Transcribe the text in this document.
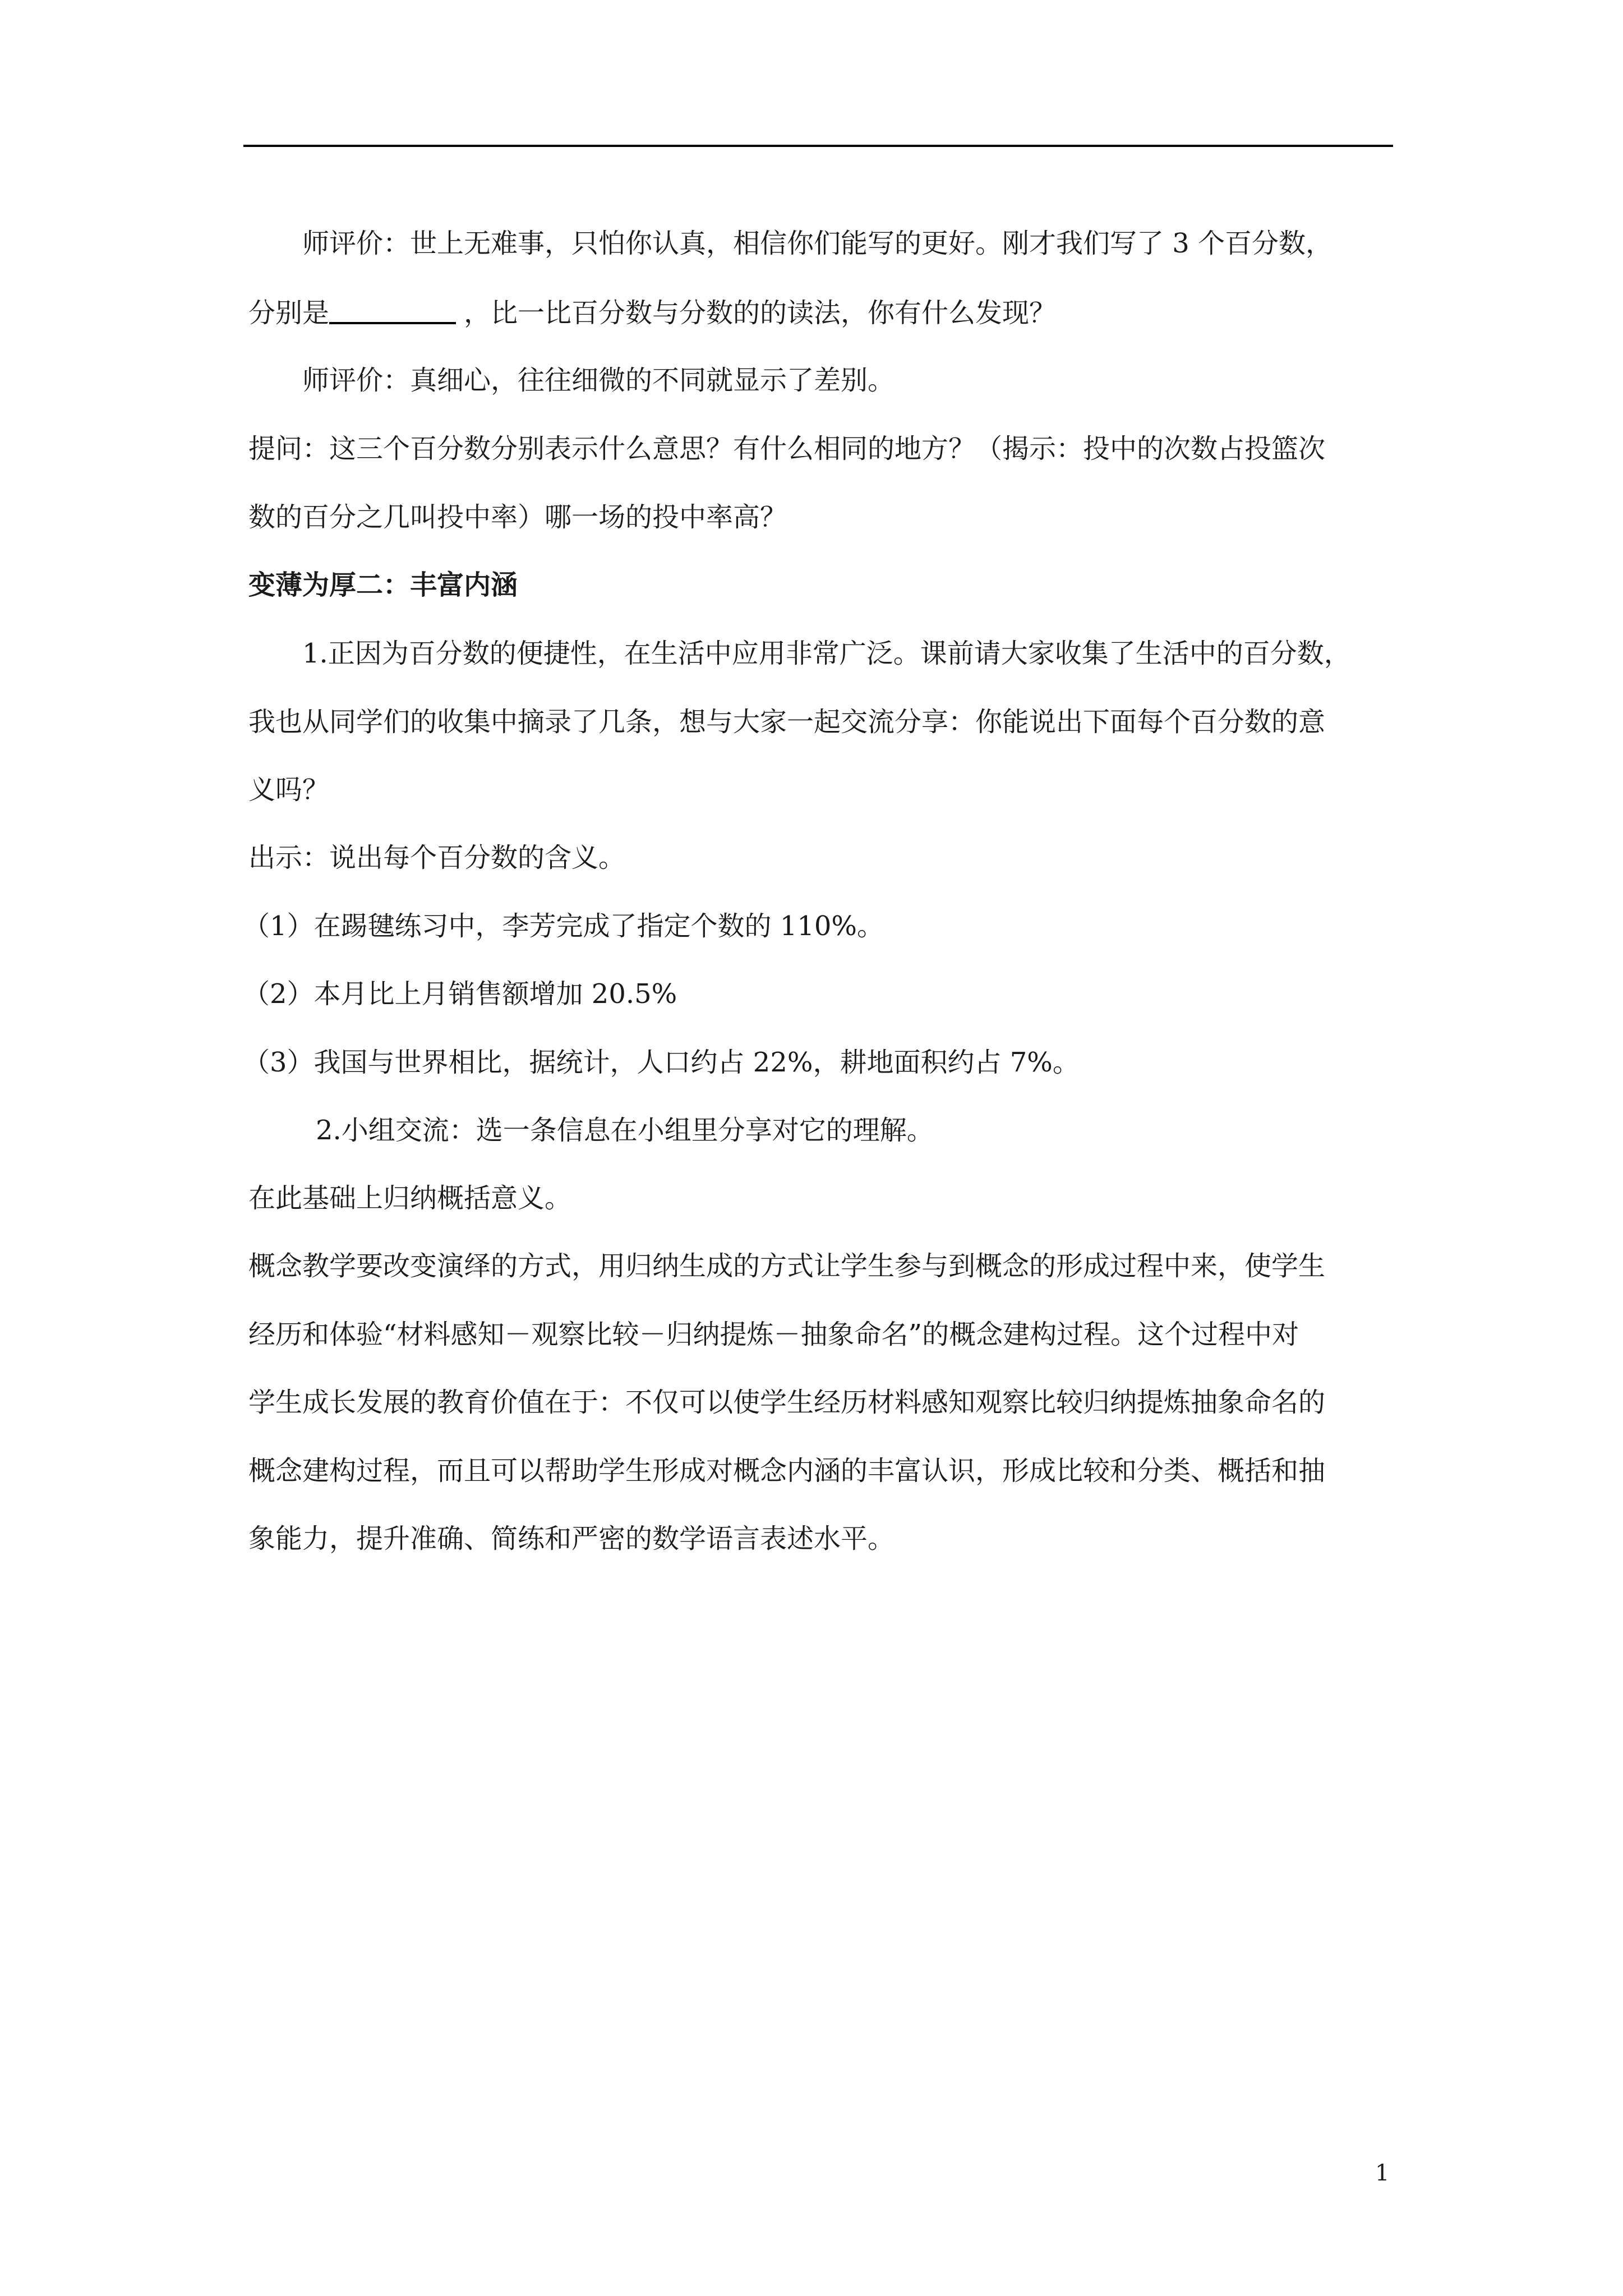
师评价：世上无难事，只怕你认真，相信你们能写的更好。刚才我们写了 3 个百分数，
分别是	，比一比百分数与分数的的读法，你有什么发现？
师评价：真细心，往往细微的不同就显示了差别。
提问：这三个百分数分别表示什么意思？有什么相同的地方？（揭示：投中的次数占投篮次
数的百分之几叫投中率）哪一场的投中率高？
变薄为厚二：丰富内涵
1.正因为百分数的便捷性，在生活中应用非常广泛。课前请大家收集了生活中的百分数，
我也从同学们的收集中摘录了几条，想与大家一起交流分享：你能说出下面每个百分数的意
义吗？
出示：说出每个百分数的含义。
（1）在踢毽练习中，李芳完成了指定个数的 110%。
（2）本月比上月销售额增加 20.5%
（3）我国与世界相比，据统计，人口约占 22%，耕地面积约占 7%。
2.小组交流：选一条信息在小组里分享对它的理解。
在此基础上归纳概括意义。
概念教学要改变演绎的方式，用归纳生成的方式让学生参与到概念的形成过程中来，使学生
经历和体验“材料感知－观察比较－归纳提炼－抽象命名”的概念建构过程。这个过程中对
学生成长发展的教育价值在于：不仅可以使学生经历材料感知观察比较归纳提炼抽象命名的
概念建构过程，而且可以帮助学生形成对概念内涵的丰富认识，形成比较和分类、概括和抽
象能力，提升准确、简练和严密的数学语言表述水平。
1
